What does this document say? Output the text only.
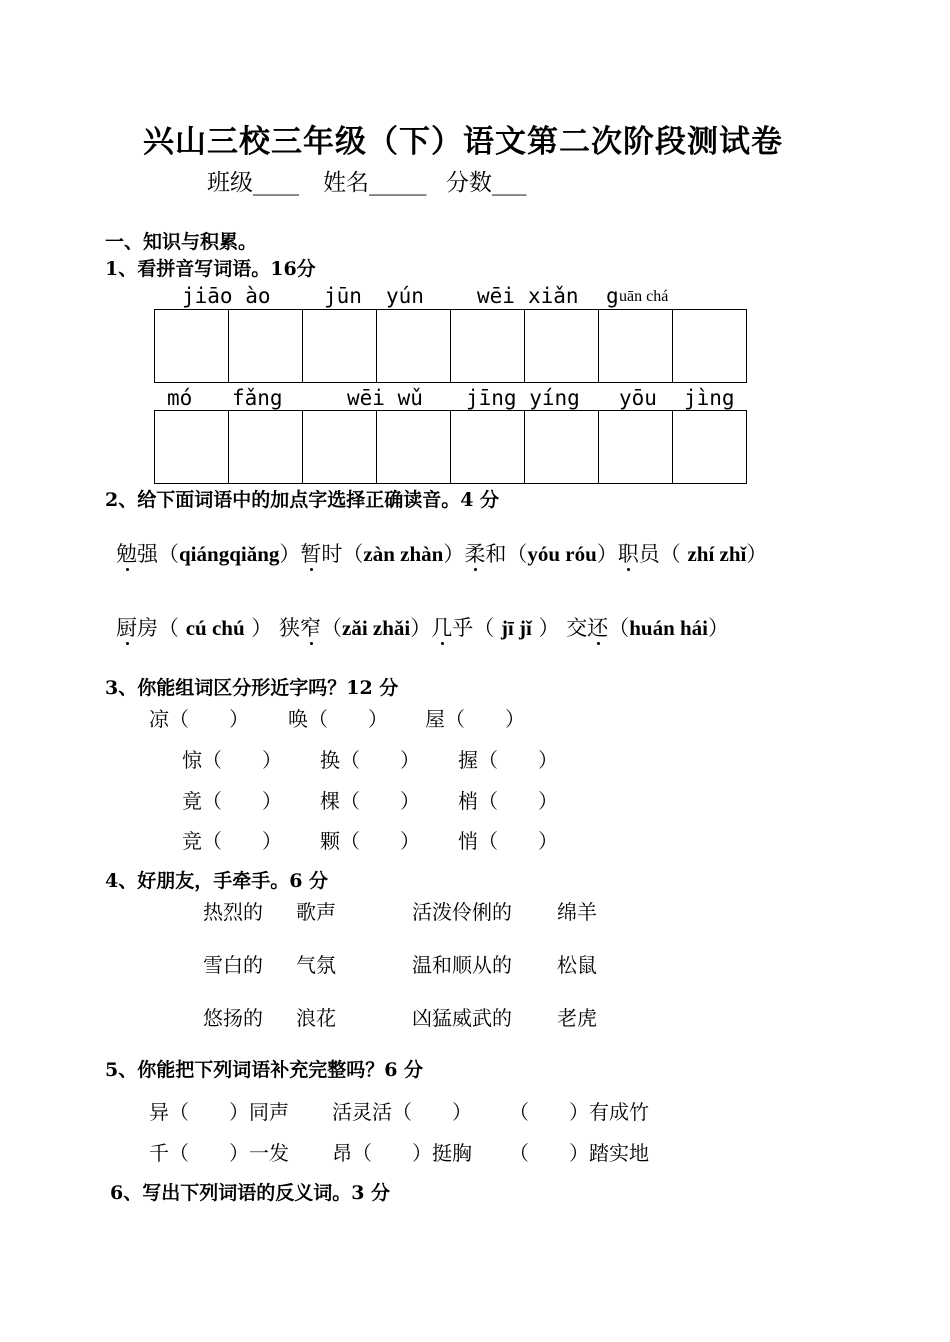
兴山三校三年级（下）语文第二次阶段测试卷
班级____ 姓名_____ 分数___
一、知识与积累。
1、看拼音写词语。16分
jiāo ào	jūn yún	wēi xiǎn g uān chá
mó fǎng	wēi wǔ jīng yíng yōu jìng
2、给下面词语中的加点字选择正确读音。4 分
勉强（qiángqiǎng）暂时（zàn zhàn）柔和（yóu róu）职员（ zhí zhǐ）
厨房（ cú chú ） 狭窄（zǎi zhǎi）几乎（ jī jǐ ） 交还（huán hái）
3、你能组词区分形近字吗？12 分
凉（　　） 唤（　　） 屋（　　）
惊（　　） 换（　　） 握（　　）
竟（　　） 棵（　　） 梢（　　）
竞（　　） 颗（　　） 悄（　　）
4、好朋友，手牵手。6 分
热烈的 歌声	活泼伶俐的 绵羊
雪白的 气氛	温和顺从的 松鼠
悠扬的 浪花	凶猛威武的 老虎
5、你能把下列词语补充完整吗？6 分
异（　　）同声 活灵活（　　） （　　）有成竹
千（　　）一发 昂（　　）挺胸 （　　）踏实地
6、写出下列词语的反义词。3 分
